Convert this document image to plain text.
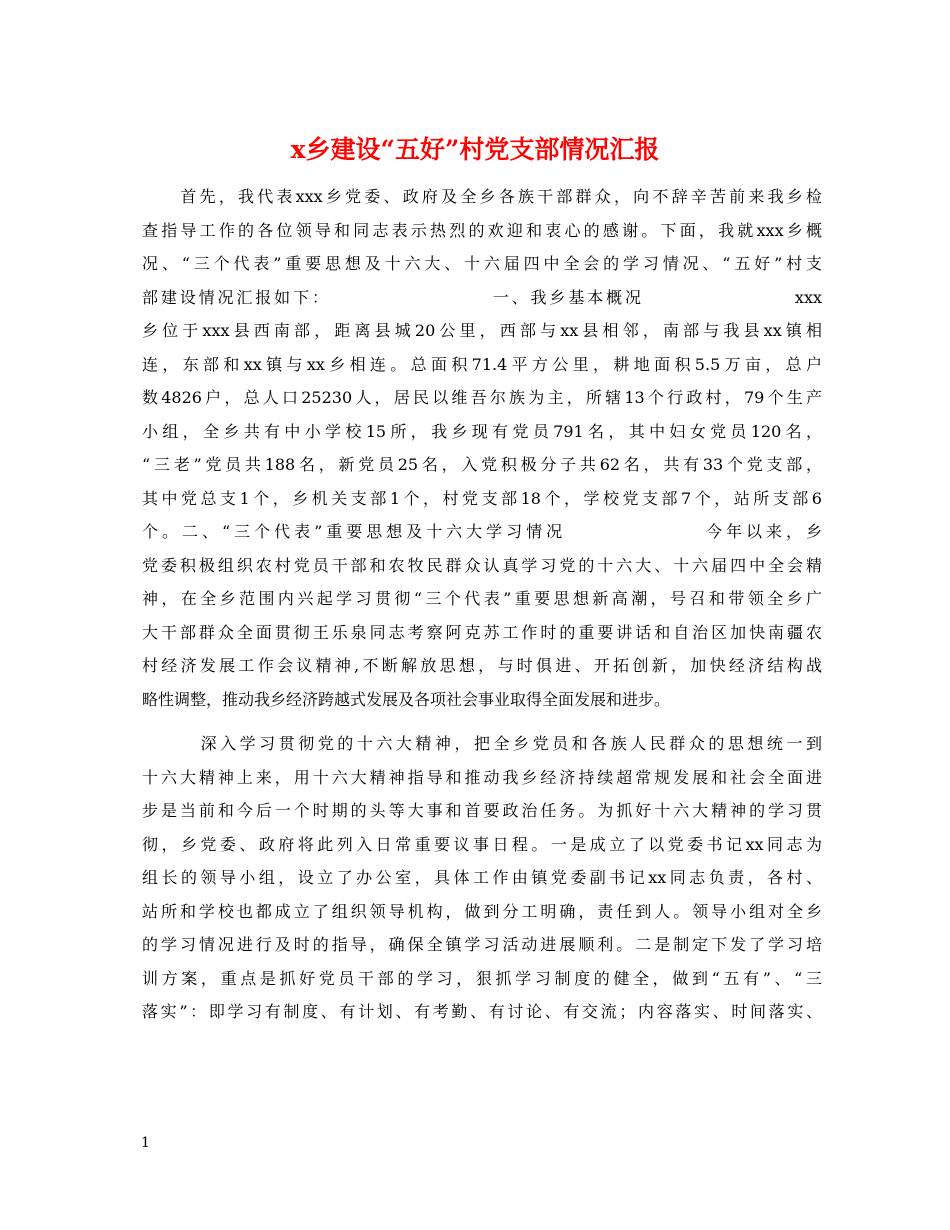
x乡建设“五好”村党支部情况汇报
　　首先，我代表xxx乡党委、政府及全乡各族干部群众，向不辞辛苦前来我乡检
查指导工作的各位领导和同志表示热烈的欢迎和衷心的感谢。下面，我就xxx乡概
况、“三个代表”重要思想及十六大、十六届四中全会的学习情况、“五好”村支
部建设情况汇报如下：　　　　　　　　　一、我乡基本概况　　　　　　　　xxx
乡位于xxx县西南部，距离县城20公里，西部与xx县相邻，南部与我县xx镇相
连，东部和xx镇与xx乡相连。总面积71.4平方公里，耕地面积5.5万亩，总户
数4826户，总人口25230人，居民以维吾尔族为主，所辖13个行政村，79个生产
小组，全乡共有中小学校15所，我乡现有党员791名，其中妇女党员120名，
“三老”党员共188名，新党员25名，入党积极分子共62名，共有33个党支部，
其中党总支1个，乡机关支部1个，村党支部18个，学校党支部7个，站所支部6
个。二、“三个代表”重要思想及十六大学习情况　　　　　　　今年以来，乡
党委积极组织农村党员干部和农牧民群众认真学习党的十六大、十六届四中全会精
神，在全乡范围内兴起学习贯彻“三个代表”重要思想新高潮，号召和带领全乡广
大干部群众全面贯彻王乐泉同志考察阿克苏工作时的重要讲话和自治区加快南疆农
村经济发展工作会议精神,不断解放思想，与时俱进、开拓创新，加快经济结构战
略性调整，推动我乡经济跨越式发展及各项社会事业取得全面发展和进步。
　　　深入学习贯彻党的十六大精神，把全乡党员和各族人民群众的思想统一到
十六大精神上来，用十六大精神指导和推动我乡经济持续超常规发展和社会全面进
步是当前和今后一个时期的头等大事和首要政治任务。为抓好十六大精神的学习贯
彻，乡党委、政府将此列入日常重要议事日程。一是成立了以党委书记xx同志为
组长的领导小组，设立了办公室，具体工作由镇党委副书记xx同志负责，各村、
站所和学校也都成立了组织领导机构，做到分工明确，责任到人。领导小组对全乡
的学习情况进行及时的指导，确保全镇学习活动进展顺利。二是制定下发了学习培
训方案，重点是抓好党员干部的学习，狠抓学习制度的健全，做到“五有”、“三
落实”：即学习有制度、有计划、有考勤、有讨论、有交流；内容落实、时间落实、
1
